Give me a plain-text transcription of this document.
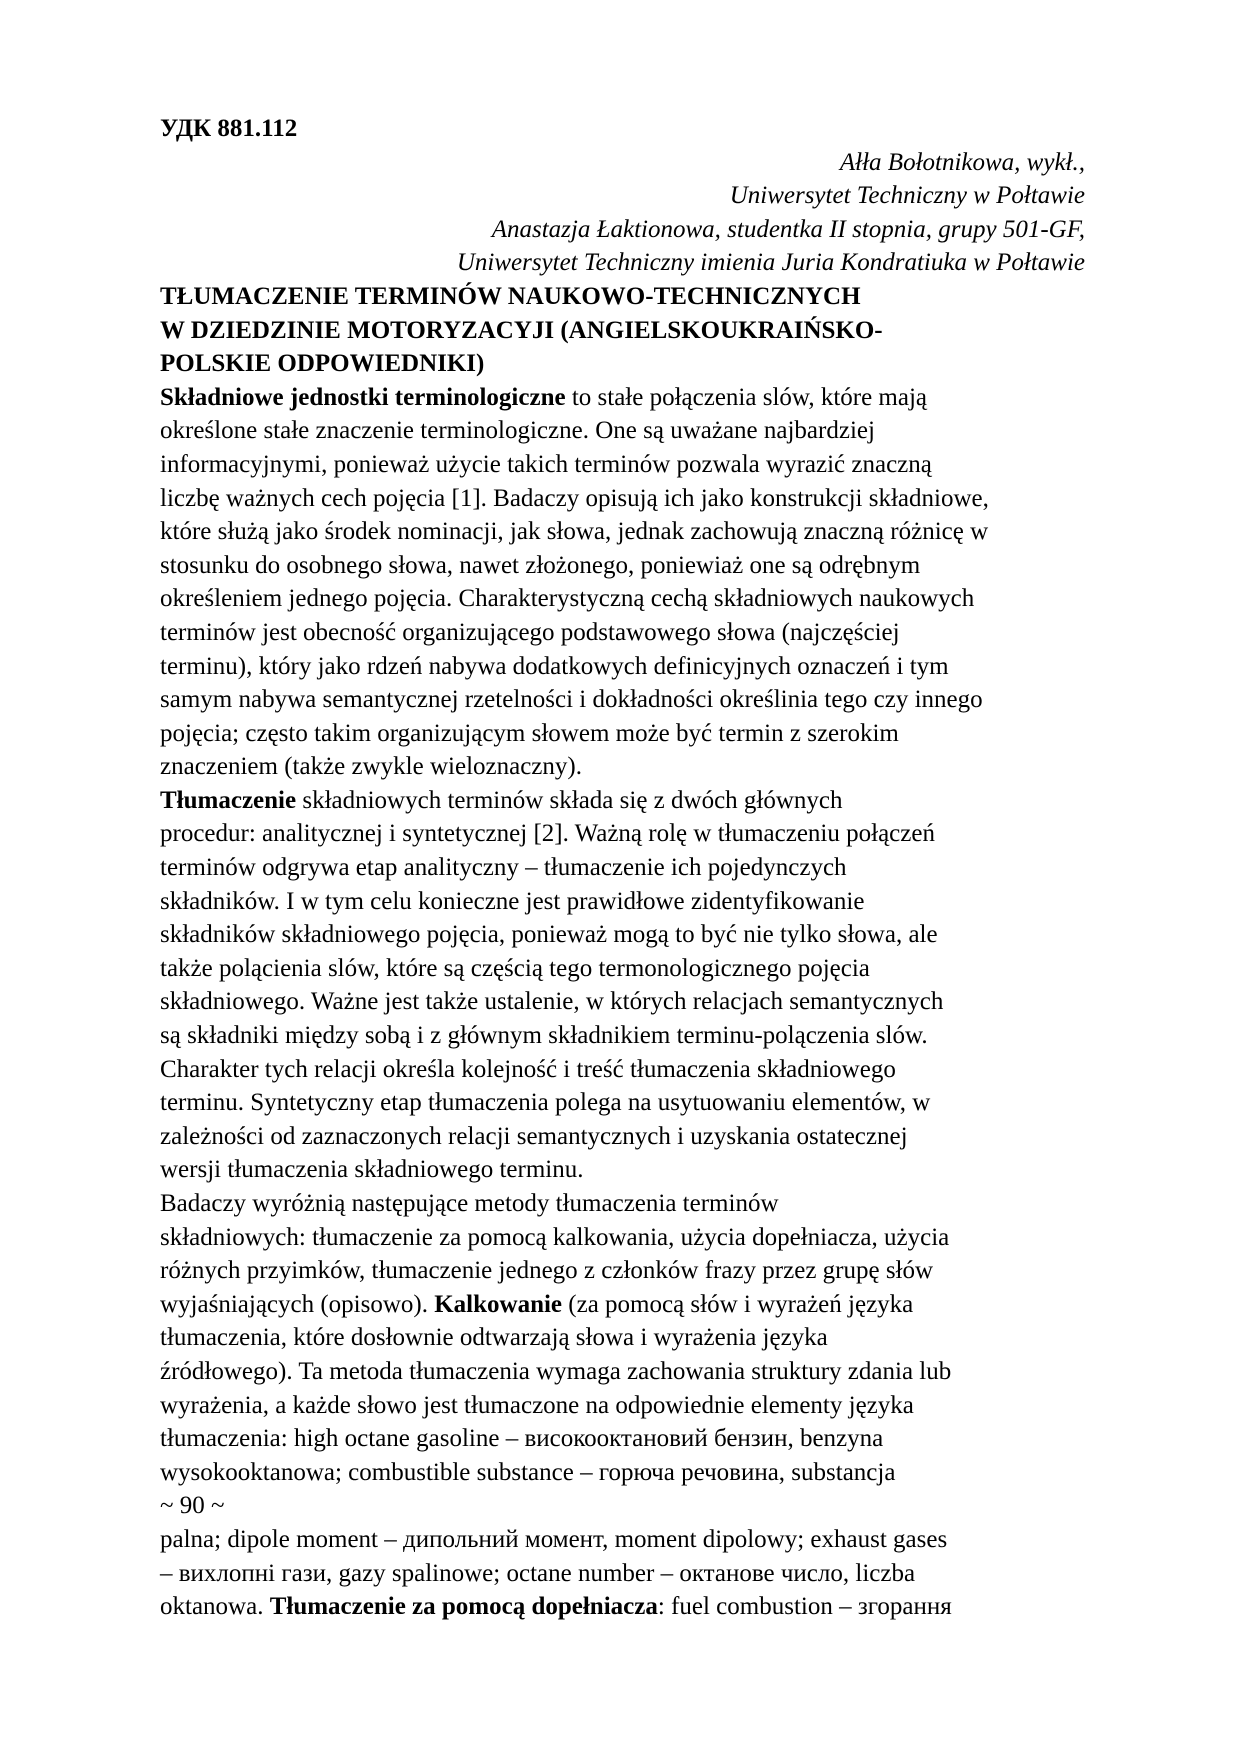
УДК 881.112
Ałła Bołotnikowa, wykł.,
Uniwersytet Techniczny w Połtawie
Anastazja Łaktionowa, studentka II stopnia, grupy 501-GF,
Uniwersytet Techniczny imienia Juria Kondratiuka w Połtawie
TŁUMACZENIE TERMINÓW NAUKOWO-TECHNICZNYCH
W DZIEDZINIE MOTORYZACYJI (ANGIELSKOUKRAIŃSKO-
POLSKIE ODPOWIEDNIKI)
Składniowe jednostki terminologiczne to stałe połączenia slów, które mają
określone stałe znaczenie terminologiczne. One są uważane najbardziej
informacyjnymi, ponieważ użycie takich terminów pozwala wyrazić znaczną
liczbę ważnych cech pojęcia [1]. Badaczy opisują ich jako konstrukcji składniowe,
które służą jako środek nominacji, jak słowa, jednak zachowują znaczną różnicę w
stosunku do osobnego słowa, nawet złożonego, poniewiaż one są odrębnym
określeniem jednego pojęcia. Charakterystyczną cechą składniowych naukowych
terminów jest obecność organizującego podstawowego słowa (najczęściej
terminu), który jako rdzeń nabywa dodatkowych definicyjnych oznaczeń i tym
samym nabywa semantycznej rzetelności i dokładności określinia tego czy innego
pojęcia; często takim organizującym słowem może być termin z szerokim
znaczeniem (także zwykle wieloznaczny).
Tłumaczenie składniowych terminów składa się z dwóch głównych
procedur: analitycznej i syntetycznej [2]. Ważną rolę w tłumaczeniu połączeń
terminów odgrywa etap analityczny – tłumaczenie ich pojedynczych
składników. I w tym celu konieczne jest prawidłowe zidentyfikowanie
składników składniowego pojęcia, ponieważ mogą to być nie tylko słowa, ale
także polącienia slów, które są częścią tego termonologicznego pojęcia
składniowego. Ważne jest także ustalenie, w których relacjach semantycznych
są składniki między sobą i z głównym składnikiem terminu-polączenia slów.
Charakter tych relacji określa kolejność i treść tłumaczenia składniowego
terminu. Syntetyczny etap tłumaczenia polega na usytuowaniu elementów, w
zależności od zaznaczonych relacji semantycznych i uzyskania ostatecznej
wersji tłumaczenia składniowego terminu.
Badaczy wyróżnią następujące metody tłumaczenia terminów
składniowych: tłumaczenie za pomocą kalkowania, użycia dopełniacza, użycia
różnych przyimków, tłumaczenie jednego z członków frazy przez grupę słów
wyjaśniających (opisowo). Kalkowanie (za pomocą słów i wyrażeń języka
tłumaczenia, które dosłownie odtwarzają słowa i wyrażenia języka
źródłowego). Ta metoda tłumaczenia wymaga zachowania struktury zdania lub
wyrażenia, a każde słowo jest tłumaczone na odpowiednie elementy języka
tłumaczenia: high octane gasoline – високооктановий бензин, benzyna
wysokooktanowa; combustible substance – горюча речовина, substancja
~ 90 ~
palna; dipole moment – дипольний момент, moment dipolowy; exhaust gases
– вихлопні гази, gazy spalinowe; octane number – октанове число, liczba
oktanowa. Tłumaczenie za pomocą dopełniacza: fuel combustion – згорання
